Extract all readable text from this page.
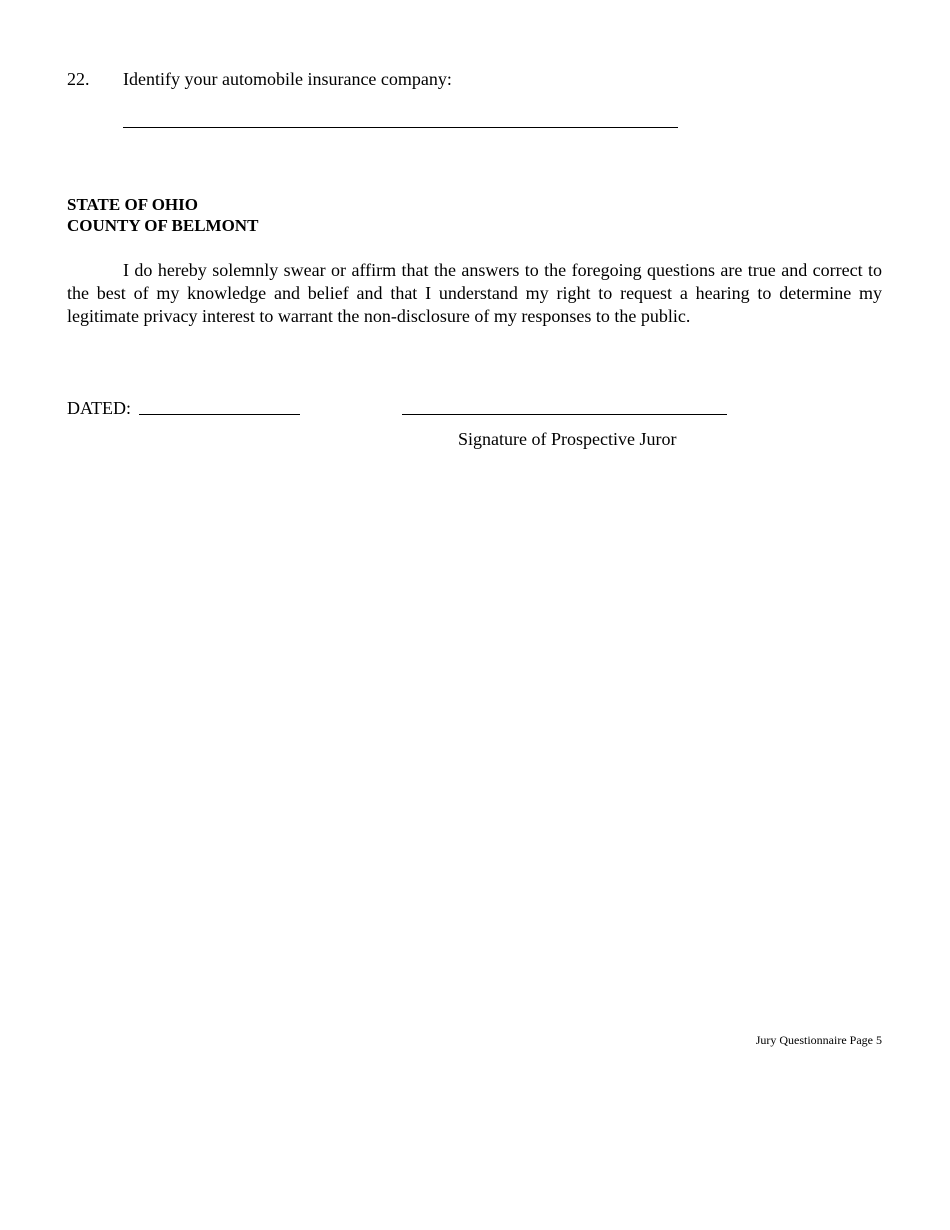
22. Identify your automobile insurance company:
STATE OF OHIO
COUNTY OF BELMONT

I do hereby solemnly swear or affirm that the answers to the foregoing questions are true and correct to the best of my knowledge and belief and that I understand my right to request a hearing to determine my legitimate privacy interest to warrant the non-disclosure of my responses to the public.

DATED:
Signature of Prospective Juror
Jury Questionnaire Page 5
